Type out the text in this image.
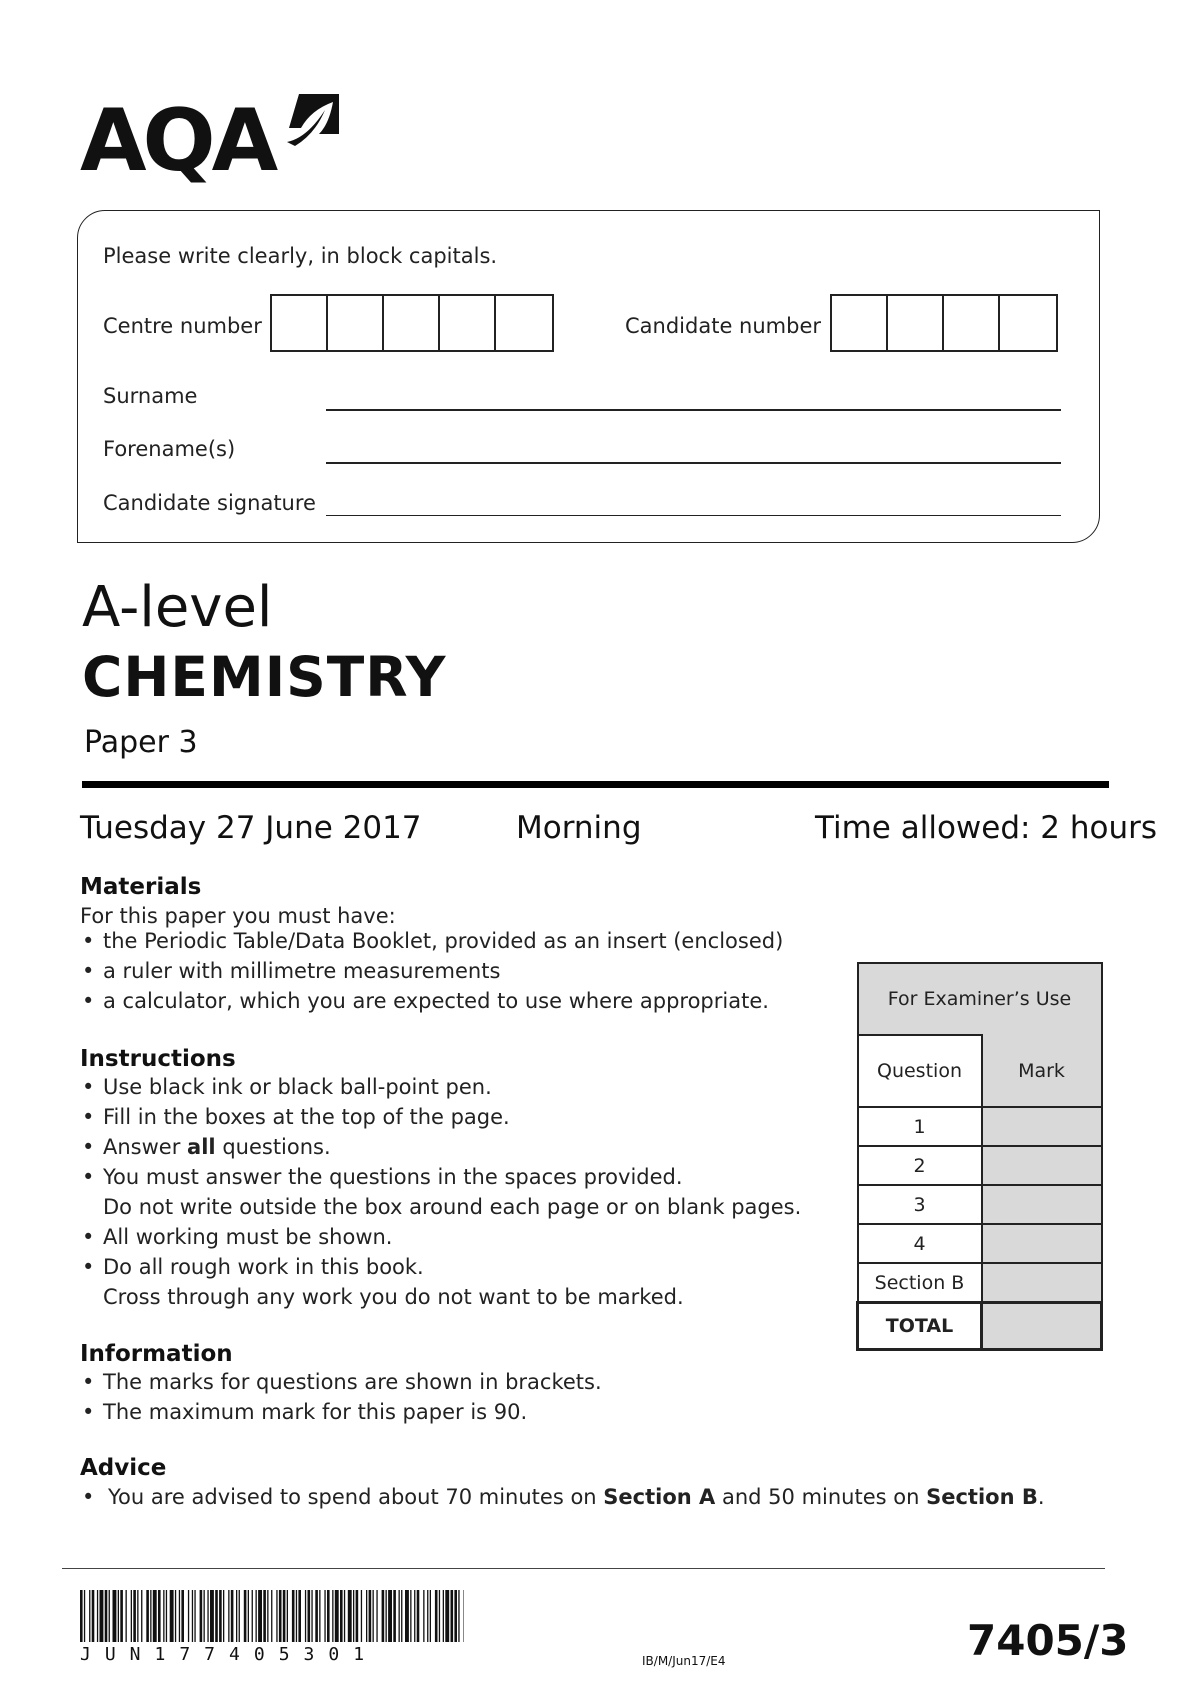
AQA
Please write clearly, in block capitals.
Centre number	Candidate number
Surname
Forename(s)
Candidate signature
A-level
CHEMISTRY
Paper 3
Tuesday 27 June 2017	Morning	Time allowed: 2 hours
Materials
For this paper you must have:
• the Periodic Table/Data Booklet, provided as an insert (enclosed)
• a ruler with millimetre measurements
• a calculator, which you are expected to use where appropriate.
Instructions
• Use black ink or black ball-point pen.
• Fill in the boxes at the top of the page.
• Answer all questions.
• You must answer the questions in the spaces provided.
Do not write outside the box around each page or on blank pages.
• All working must be shown.
• Do all rough work in this book.
Cross through any work you do not want to be marked.
Information
• The marks for questions are shown in brackets.
• The maximum mark for this paper is 90.
Advice
• You are advised to spend about 70 minutes on Section A and 50 minutes on Section B.
For Examiner’s Use	
Question	Mark
1	
2	
3	
4	
Section B	
TOTAL	
JUN177405301	IB/M/Jun17/E4	7405/3
